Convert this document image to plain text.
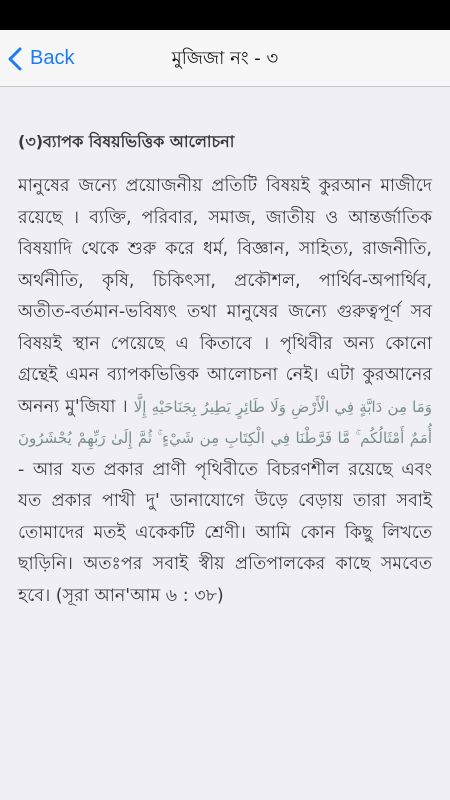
Back	মুজিজা নং - ৩
(৩)ব্যাপক বিষয়ভিত্তিক আলোচনা

মানুষের জন্যে প্রয়োজনীয় প্রতিটি বিষয়ই কুরআন মাজীদে রয়েছে । ব্যক্তি, পরিবার, সমাজ, জাতীয় ও আন্তর্জাতিক বিষয়াদি থেকে শুরু করে ধর্ম, বিজ্ঞান, সাহিত্য, রাজনীতি, অর্থনীতি, কৃষি, চিকিৎসা, প্রকৌশল, পার্থিব-অপার্থিব, অতীত-বর্তমান-ভবিষ্যৎ তথা মানুষের জন্যে গুরুত্বপূর্ণ সব বিষয়ই স্থান পেয়েছে এ কিতাবে । পৃথিবীর অন্য কোনো গ্রন্থেই এমন ব্যাপকভিত্তিক আলোচনা নেই। এটা কুরআনের অনন্য মু'জিযা । وَمَا مِن دَابَّةٍ فِي الْأَرْضِ وَلَا طَائِرٍ يَطِيرُ بِجَنَاحَيْهِ إِلَّا أُمَمٌ أَمْثَالُكُم ۚ مَّا فَرَّطْنَا فِي الْكِتَابِ مِن شَيْءٍ ۚ ثُمَّ إِلَىٰ رَبِّهِمْ يُحْشَرُونَ - আর যত প্রকার প্রাণী পৃথিবীতে বিচরণশীল রয়েছে এবং যত প্রকার পাখী দু' ডানাযোগে উড়ে বেড়ায় তারা সবাই তোমাদের মতই একেকটি শ্রেণী। আমি কোন কিছু লিখতে ছাড়িনি। অতঃপর সবাই স্বীয় প্রতিপালকের কাছে সমবেত হবে। (সূরা আন'আম ৬ : ৩৮)
